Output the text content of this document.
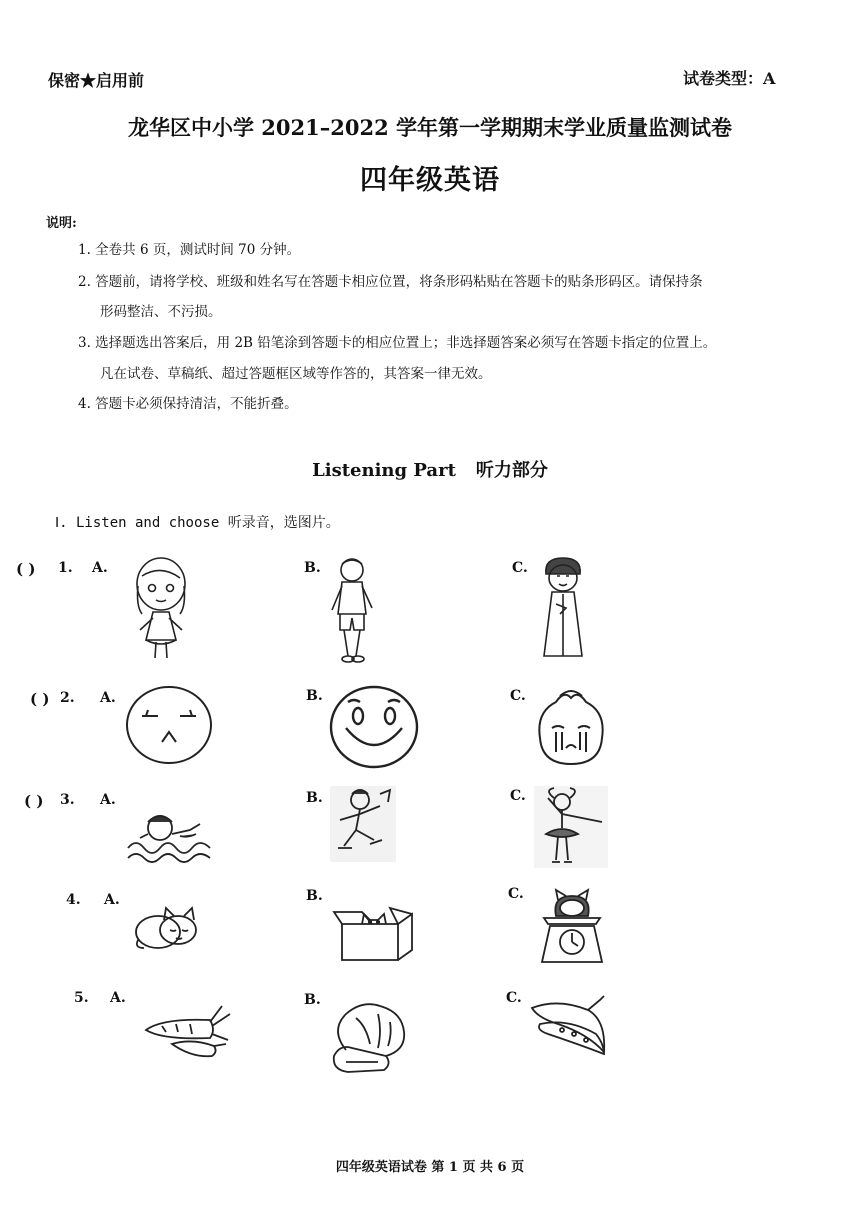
保密★启用前	试卷类型：A
龙华区中小学 2021–2022 学年第一学期期末学业质量监测试卷
四年级英语
说明:
1. 全卷共 6 页，测试时间 70 分钟。
2. 答题前，请将学校、班级和姓名写在答题卡相应位置，将条形码粘贴在答题卡的贴条形码区。请保持条
形码整洁、不污损。
3. 选择题选出答案后，用 2B 铅笔涂到答题卡的相应位置上；非选择题答案必须写在答题卡指定的位置上。
凡在试卷、草稿纸、超过答题框区域等作答的，其答案一律无效。
4. 答题卡必须保持清洁，不能折叠。
Listening Part 听力部分
Ⅰ. Listen and choose 听录音，选图片。
( ) 1. A.	B.	C.
( ) 2. A.	B.	C.
( ) 3. A.	B.	C.
4. A.	B.	C.
5. A.	B.	C.
四年级英语试卷 第 1 页 共 6 页
